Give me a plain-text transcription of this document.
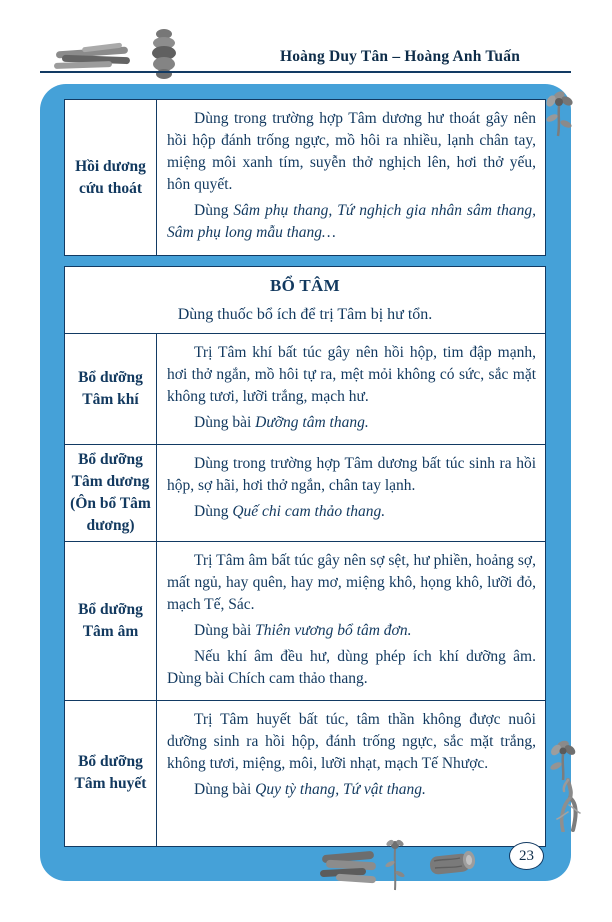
Hoàng Duy Tân – Hoàng Anh Tuấn
Hồi dương cứu thoát

Dùng trong trường hợp Tâm dương hư thoát gây nên hồi hộp đánh trống ngực, mồ hôi ra nhiều, lạnh chân tay, miệng môi xanh tím, suyễn thở nghịch lên, hơi thở yếu, hôn quyết.

Dùng Sâm phụ thang, Tứ nghịch gia nhân sâm thang, Sâm phụ long mẫu thang…

BỔ TÂM
Dùng thuốc bổ ích để trị Tâm bị hư tổn.
Bổ dưỡng Tâm khí

Trị Tâm khí bất túc gây nên hồi hộp, tim đập mạnh, hơi thở ngắn, mồ hôi tự ra, mệt mỏi không có sức, sắc mặt không tươi, lưỡi trắng, mạch hư.

Dùng bài Dưỡng tâm thang.

Bổ dưỡng Tâm dương (Ôn bổ Tâm dương)

Dùng trong trường hợp Tâm dương bất túc sinh ra hồi hộp, sợ hãi, hơi thở ngắn, chân tay lạnh.

Dùng Quế chi cam thảo thang.

Bổ dưỡng Tâm âm

Trị Tâm âm bất túc gây nên sợ sệt, hư phiền, hoảng sợ, mất ngủ, hay quên, hay mơ, miệng khô, họng khô, lưỡi đỏ, mạch Tế, Sác.

Dùng bài Thiên vương bổ tâm đơn.

Nếu khí âm đều hư, dùng phép ích khí dưỡng âm. Dùng bài Chích cam thảo thang.

Bổ dưỡng Tâm huyết

Trị Tâm huyết bất túc, tâm thần không được nuôi dưỡng sinh ra hồi hộp, đánh trống ngực, sắc mặt trắng, không tươi, miệng, môi, lưỡi nhạt, mạch Tế Nhược.

Dùng bài Quy tỳ thang, Tứ vật thang.

23
